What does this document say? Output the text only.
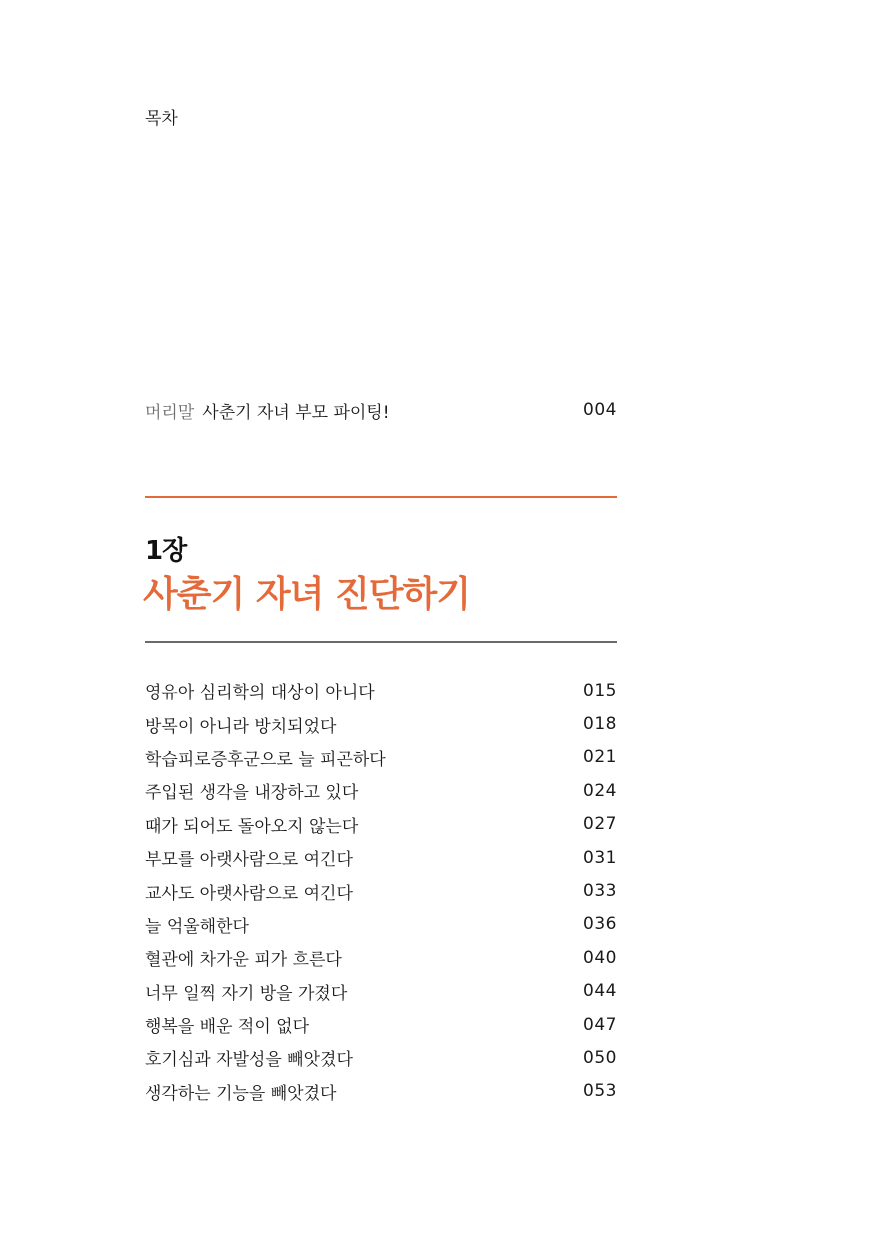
목차
머리말 사춘기 자녀 부모 파이팅!	004
1장
사춘기 자녀 진단하기
영유아 심리학의 대상이 아니다	015
방목이 아니라 방치되었다	018
학습피로증후군으로 늘 피곤하다	021
주입된 생각을 내장하고 있다	024
때가 되어도 돌아오지 않는다	027
부모를 아랫사람으로 여긴다	031
교사도 아랫사람으로 여긴다	033
늘 억울해한다	036
혈관에 차가운 피가 흐른다	040
너무 일찍 자기 방을 가졌다	044
행복을 배운 적이 없다	047
호기심과 자발성을 빼앗겼다	050
생각하는 기능을 빼앗겼다	053
